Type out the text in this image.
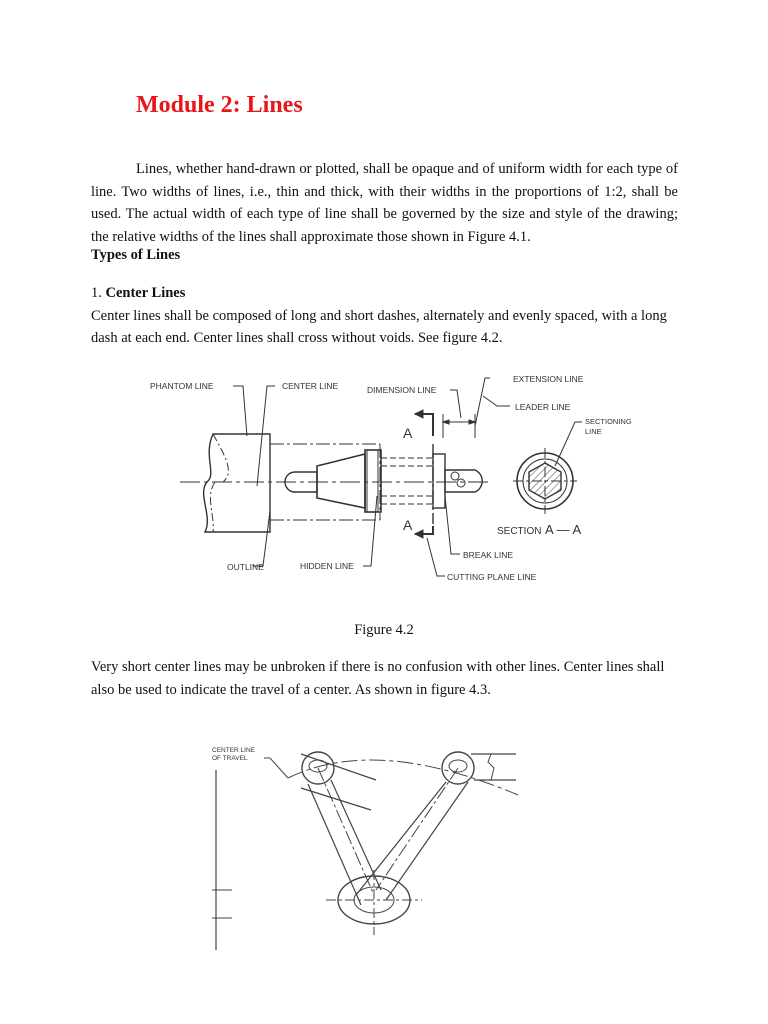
Module 2: Lines

Lines, whether hand-drawn or plotted, shall be opaque and of uniform width for each type of line. Two widths of lines, i.e., thin and thick, with their widths in the proportions of 1:2, shall be used. The actual width of each type of line shall be governed by the size and style of the drawing; the relative widths of the lines shall approximate those shown in Figure 4.1.

Types of Lines

1. Center Lines
Center lines shall be composed of long and short dashes, alternately and evenly spaced, with a long dash at each end. Center lines shall cross without voids. See figure 4.2.

PHANTOM LINE	CENTER LINE	DIMENSION LINE
EXTENSION LINE
LEADER LINE
SECTIONING
LINE
SECTION A — A
A
A
OUTLINE	HIDDEN LINE
BREAK LINE
CUTTING PLANE LINE

Figure 4.2

Very short center lines may be unbroken if there is no confusion with other lines. Center lines shall also be used to indicate the travel of a center. As shown in figure 4.3.

CENTER LINE
OF TRAVEL
